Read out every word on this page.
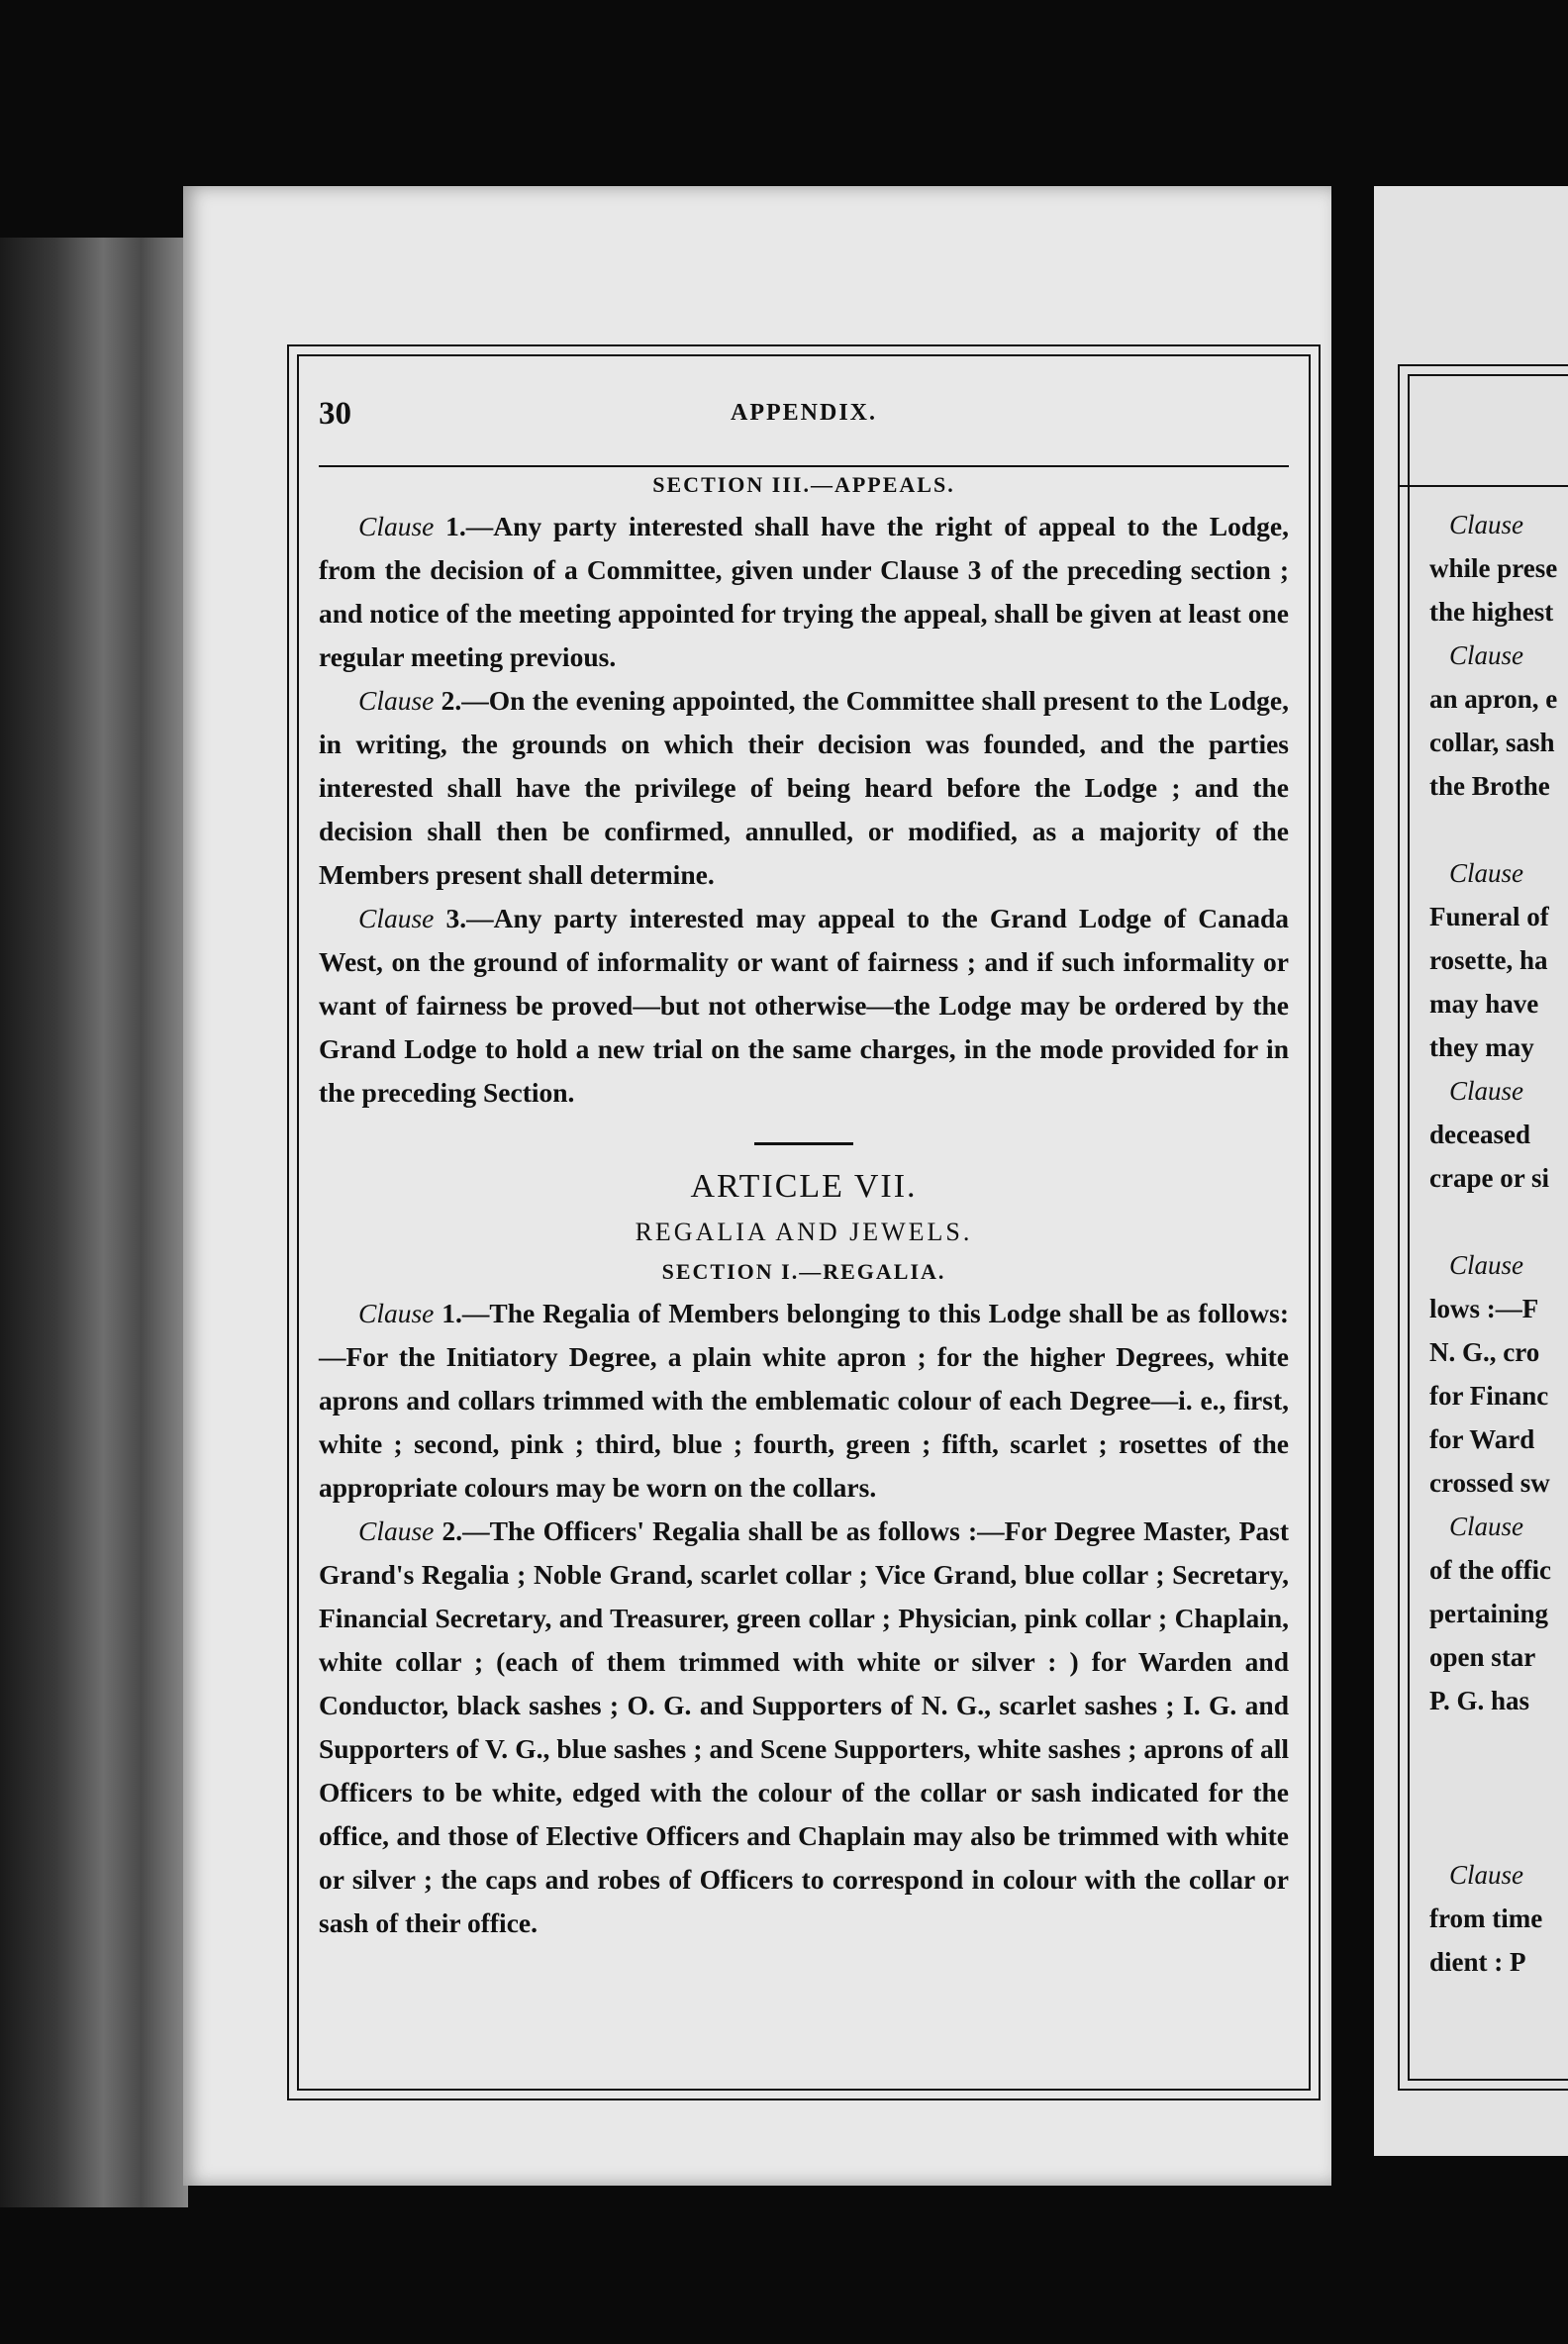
30	APPENDIX.
SECTION III.—APPEALS.

Clause 1.—Any party interested shall have the right of appeal to the Lodge, from the decision of a Committee, given under Clause 3 of the preceding section ; and notice of the meeting appointed for trying the appeal, shall be given at least one regular meeting previous.

Clause 2.—On the evening appointed, the Committee shall present to the Lodge, in writing, the grounds on which their decision was founded, and the parties interested shall have the privilege of being heard before the Lodge ; and the decision shall then be confirmed, annulled, or modified, as a majority of the Members present shall determine.

Clause 3.—Any party interested may appeal to the Grand Lodge of Canada West, on the ground of informality or want of fairness ; and if such informality or want of fairness be proved—but not otherwise—the Lodge may be ordered by the Grand Lodge to hold a new trial on the same charges, in the mode provided for in the preceding Section.

ARTICLE VII.
REGALIA AND JEWELS.
SECTION I.—REGALIA.

Clause 1.—The Regalia of Members belonging to this Lodge shall be as follows:—For the Initiatory Degree, a plain white apron ; for the higher Degrees, white aprons and collars trimmed with the emblematic colour of each Degree—i. e., first, white ; second, pink ; third, blue ; fourth, green ; fifth, scarlet ; rosettes of the appropriate colours may be worn on the collars.

Clause 2.—The Officers' Regalia shall be as follows :—For Degree Master, Past Grand's Regalia ; Noble Grand, scarlet collar ; Vice Grand, blue collar ; Secretary, Financial Secretary, and Treasurer, green collar ; Physician, pink collar ; Chaplain, white collar ; (each of them trimmed with white or silver : ) for Warden and Conductor, black sashes ; O. G. and Supporters of N. G., scarlet sashes ; I. G. and Supporters of V. G., blue sashes ; and Scene Supporters, white sashes ; aprons of all Officers to be white, edged with the colour of the collar or sash indicated for the office, and those of Elective Officers and Chaplain may also be trimmed with white or silver ; the caps and robes of Officers to correspond in colour with the collar or sash of their office.

Clause
while prese
the highest
Clause
an apron, e
collar, sash
the Brothe
Clause
Funeral of
rosette, ha
may have
they may
Clause
deceased
crape or si
Clause
lows :—F
N. G., cro
for Financ
for Ward
crossed sw
Clause
of the offic
pertaining
open star
P. G. has
Clause
from time
dient : P
